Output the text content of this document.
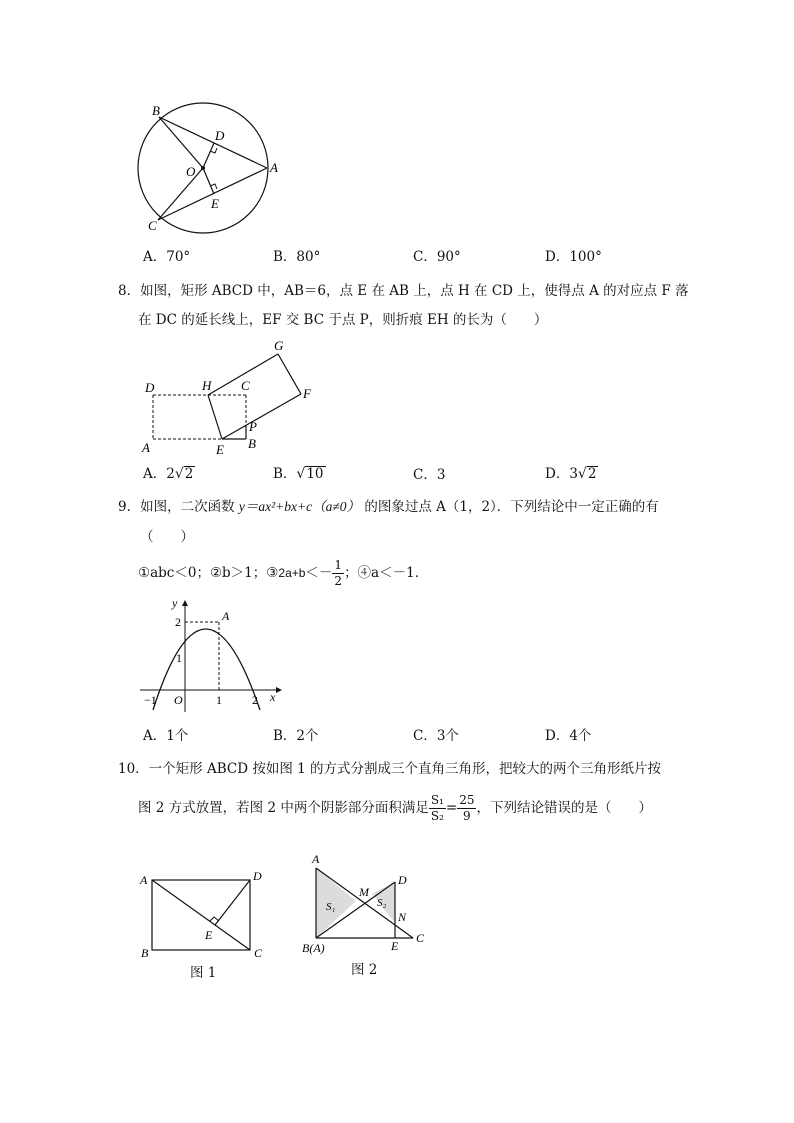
B
D
O	A
C
E
A．70°	B．80°	C．90°	D．100°
8．如图，矩形 ABCD 中，AB＝6，点 E 在 AB 上，点 H 在 CD 上，使得点 A 的对应点 F 落
在 DC 的延长线上，EF 交 BC 于点 P，则折痕 EH 的长为（　　）
G
D	H C
F
A
P
E B
A．2√2	B．√10	C．3	D．3√2
9．如图，二次函数 y＝ax²+bx+c（a≠0） 的图象过点 A（1，2）．下列结论中一定正确的有
（　　）
①abc＜0；②b＞1；③2a+b＜－ $\frac{1}{2}$ ；④a＜－1．
y
2
1
A
−1 O	1	2 x
A．1个	B．2个	C．3个	D．4个
10．一个矩形 ABCD 按如图 1 的方式分割成三个直角三角形，把较大的两个三角形纸片按
图 2 方式放置，若图 2 中两个阴影部分面积满足 $\frac{\text{S₁}}{\text{S₂}} = \frac{25}{9}$ ，下列结论错误的是（　　）
A	D
E
B	C
图 1
A
M
D
S₁	S₂
N
B(A)	E
C
图 2
